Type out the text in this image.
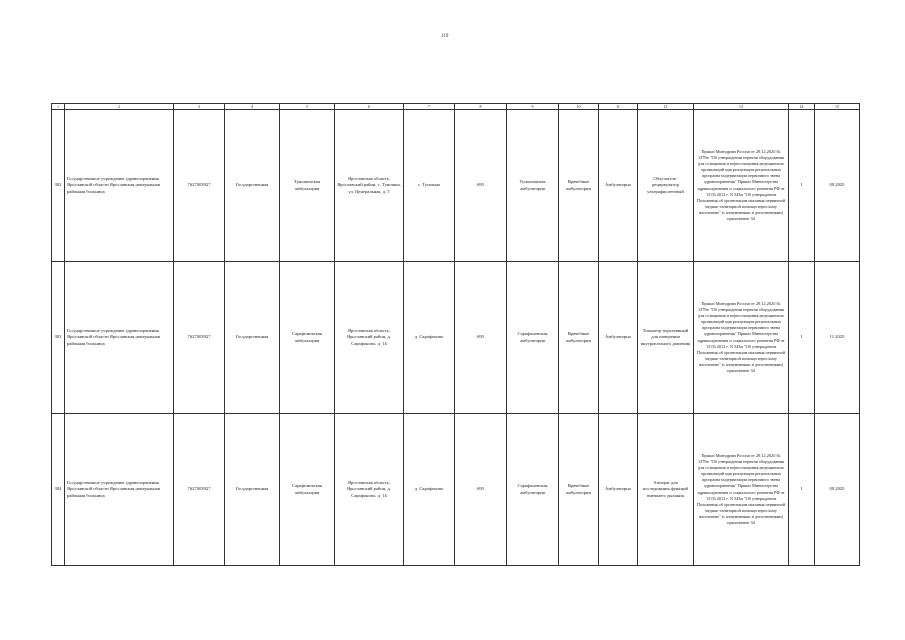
119
1	2	3	4	5	6	7	8	9	10	11	12	13	14	15
302	Государственное учреждение здравоохранения Ярославской области Ярославская центральная районная больница	7627003927	Государственная	Туношенская амбулатория	Ярославская область, Ярославский район, с. Туношна, ул. Центральная, д. 5	с. Туношна	695	Туношенская амбулатория	Врачебные амбулатории	Амбулаторно	Облучатель-рециркулятор ультрафиолетовый	Приказ Минздрава России от 28.12.2020 № 1379н "Об утверждении перечня оборудования для оснащения и переоснащения медицинских организаций при реализации региональных программ модернизации первичного звена здравоохранения" Приказ Министерства здравоохранения и социального развития РФ от 15.05.2012 г. N 543н "Об утверждении Положения об организации оказания первичной медико-санитарной помощи взрослому населению" (с изменениями и дополнениями) приложение 34	1	09.2025
303	Государственное учреждение здравоохранения Ярославской области Ярославская центральная районная больница	7627003927	Государственная	Сарафоновская амбулатория	Ярославская область, Ярославский район, д. Сарафоново, д. 14	д. Сарафоново	693	Сарафоновская амбулатория	Врачебные амбулатории	Амбулаторно	Тонометр портативный для измерения внутриглазного давления	Приказ Минздрава России от 28.12.2020 № 1379н "Об утверждении перечня оборудования для оснащения и переоснащения медицинских организаций при реализации региональных программ модернизации первичного звена здравоохранения" Приказ Министерства здравоохранения и социального развития РФ от 15.05.2012 г. N 543н "Об утверждении Положения об организации оказания первичной медико-санитарной помощи взрослому населению" (с изменениями и дополнениями) приложение 34	1	11.2025
304	Государственное учреждение здравоохранения Ярославской области Ярославская центральная районная больница	7627003927	Государственная	Сарафоновская амбулатория	Ярославская область, Ярославский район, д. Сарафоново, д. 14	д. Сарафоново	693	Сарафоновская амбулатория	Врачебные амбулатории	Амбулаторно	Аппарат для исследования функций внешнего дыхания	Приказ Минздрава России от 28.12.2020 № 1379н "Об утверждении перечня оборудования для оснащения и переоснащения медицинских организаций при реализации региональных программ модернизации первичного звена здравоохранения" Приказ Министерства здравоохранения и социального развития РФ от 15.05.2012 г. N 543н "Об утверждении Положения об организации оказания первичной медико-санитарной помощи взрослому населению" (с изменениями и дополнениями) приложение 34	1	09.2025
